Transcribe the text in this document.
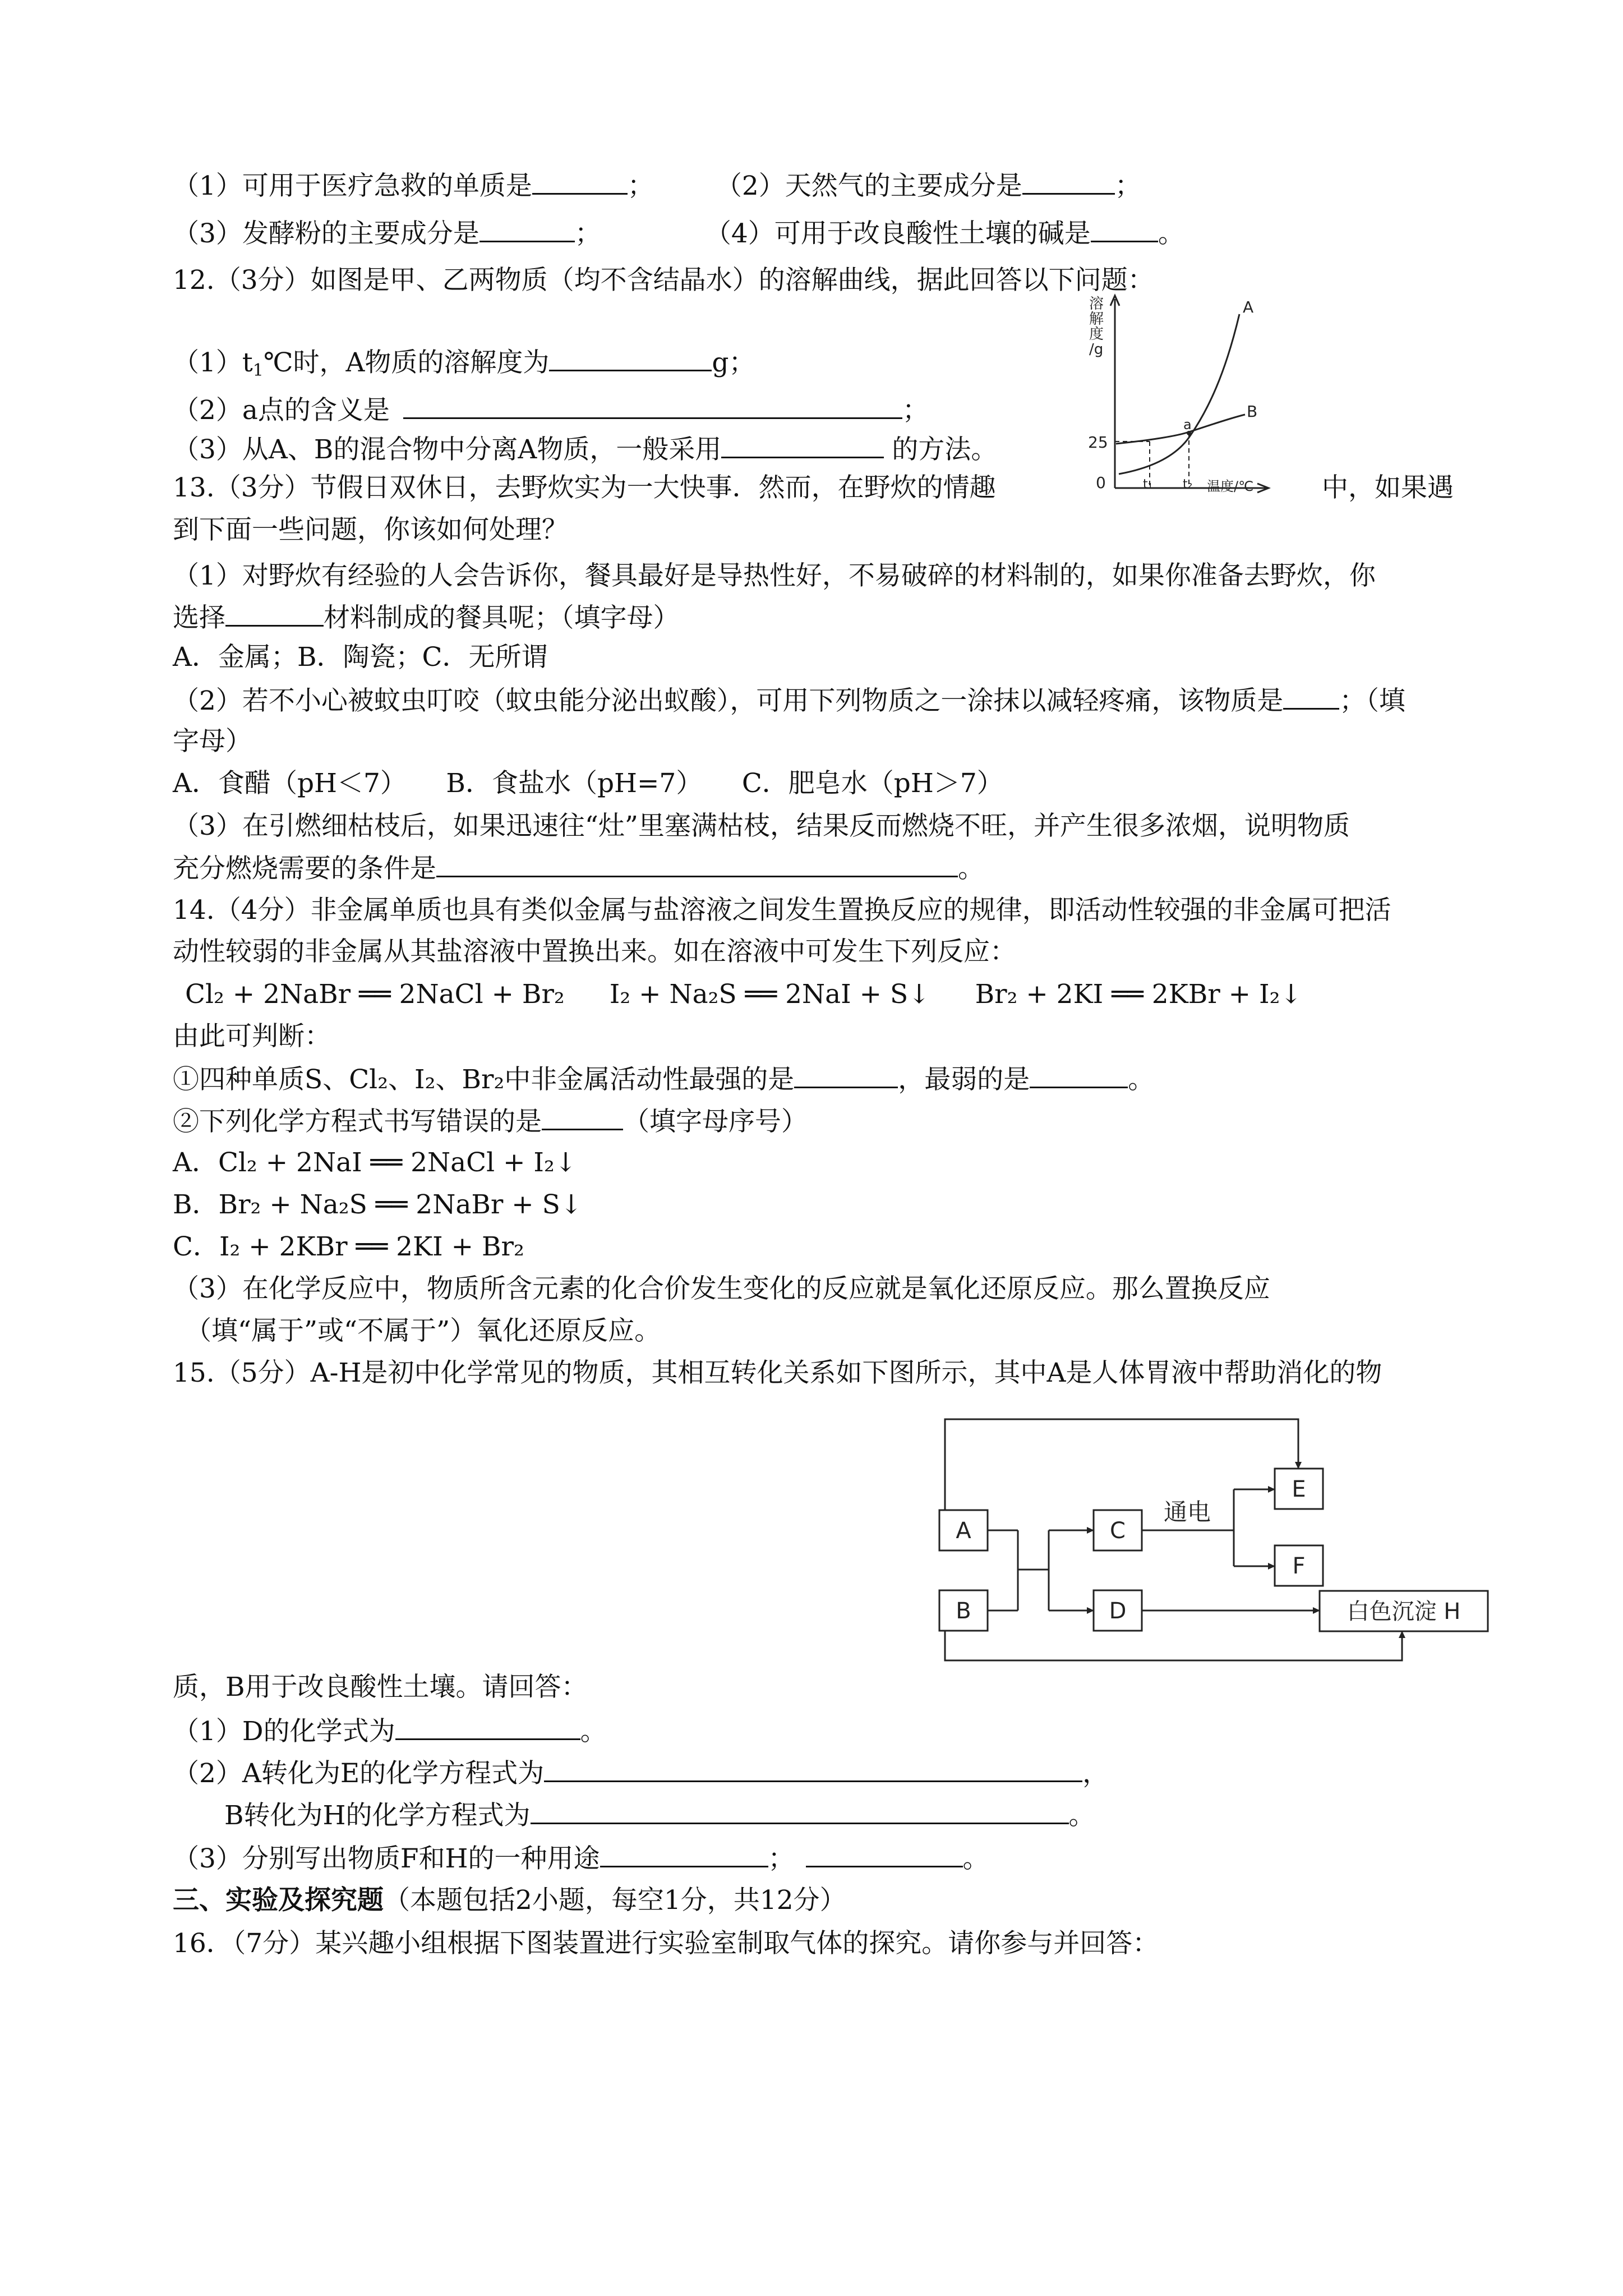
（1）可用于医疗急救的单质是	； （2）天然气的主要成分是	；
（3）发酵粉的主要成分是	；	（4）可用于改良酸性土壤的碱是	。
12.（3分）如图是甲、乙两物质（均不含结晶水）的溶解曲线，据此回答以下问题：
$(1)t_1℃$时，A物质的溶解度为	g；
（2）a点的含义是	；
（3）从A、B的混合物中分离A物质，一般采用	的方法。
溶
解
度
/g
25
0	t₁ t₂ 温度/℃
A
B
a
13.（3分）节假日双休日，去野炊实为一大快事．然而，在野炊的情趣	中，如果遇
到下面一些问题，你该如何处理？
（1）对野炊有经验的人会告诉你，餐具最好是导热性好，不易破碎的材料制的，如果你准备去野炊，你
选择	材料制成的餐具呢；（填字母）
A．金属；B．陶瓷；C．无所谓
（2）若不小心被蚊虫叮咬（蚊虫能分泌出蚁酸），可用下列物质之一涂抹以减轻疼痛，该物质是 ；（填
字母）
A．食醋（pH＜7）　　B．食盐水（pH=7）　　C．肥皂水（pH＞7）
（3）在引燃细枯枝后，如果迅速往“灶”里塞满枯枝，结果反而燃烧不旺，并产生很多浓烟，说明物质
充分燃烧需要的条件是	。
14.（4分）非金属单质也具有类似金属与盐溶液之间发生置换反应的规律，即活动性较强的非金属可把活
动性较弱的非金属从其盐溶液中置换出来。如在溶液中可发生下列反应：
Cl₂ + 2NaBr ══ 2NaCl + Br₂ I₂ + Na₂S ══ 2NaI + S↓ Br₂ + 2KI ══ 2KBr + I₂↓
由此可判断：
①四种单质S、Cl₂、I₂、Br₂中非金属活动性最强的是	，最弱的是	。
②下列化学方程式书写错误的是	（填字母序号）
A．Cl₂ + 2NaI ══ 2NaCl + I₂↓
B．Br₂ + Na₂S ══ 2NaBr + S↓
C．I₂ + 2KBr ══ 2KI + Br₂
（3）在化学反应中，物质所含元素的化合价发生变化的反应就是氧化还原反应。那么置换反应
（填“属于”或“不属于”）氧化还原反应。
15.（5分）A-H是初中化学常见的物质，其相互转化关系如下图所示，其中A是人体胃液中帮助消化的物
A
B
C
D
E
F
白色沉淀 H
通电
质，B用于改良酸性土壤。请回答：
（1）D的化学式为	。
（2）A转化为E的化学方程式为	，
B转化为H的化学方程式为	。
（3）分别写出物质F和H的一种用途	；	。
三、实验及探究题（本题包括2小题，每空1分，共12分）
16．（7分）某兴趣小组根据下图装置进行实验室制取气体的探究。请你参与并回答：
